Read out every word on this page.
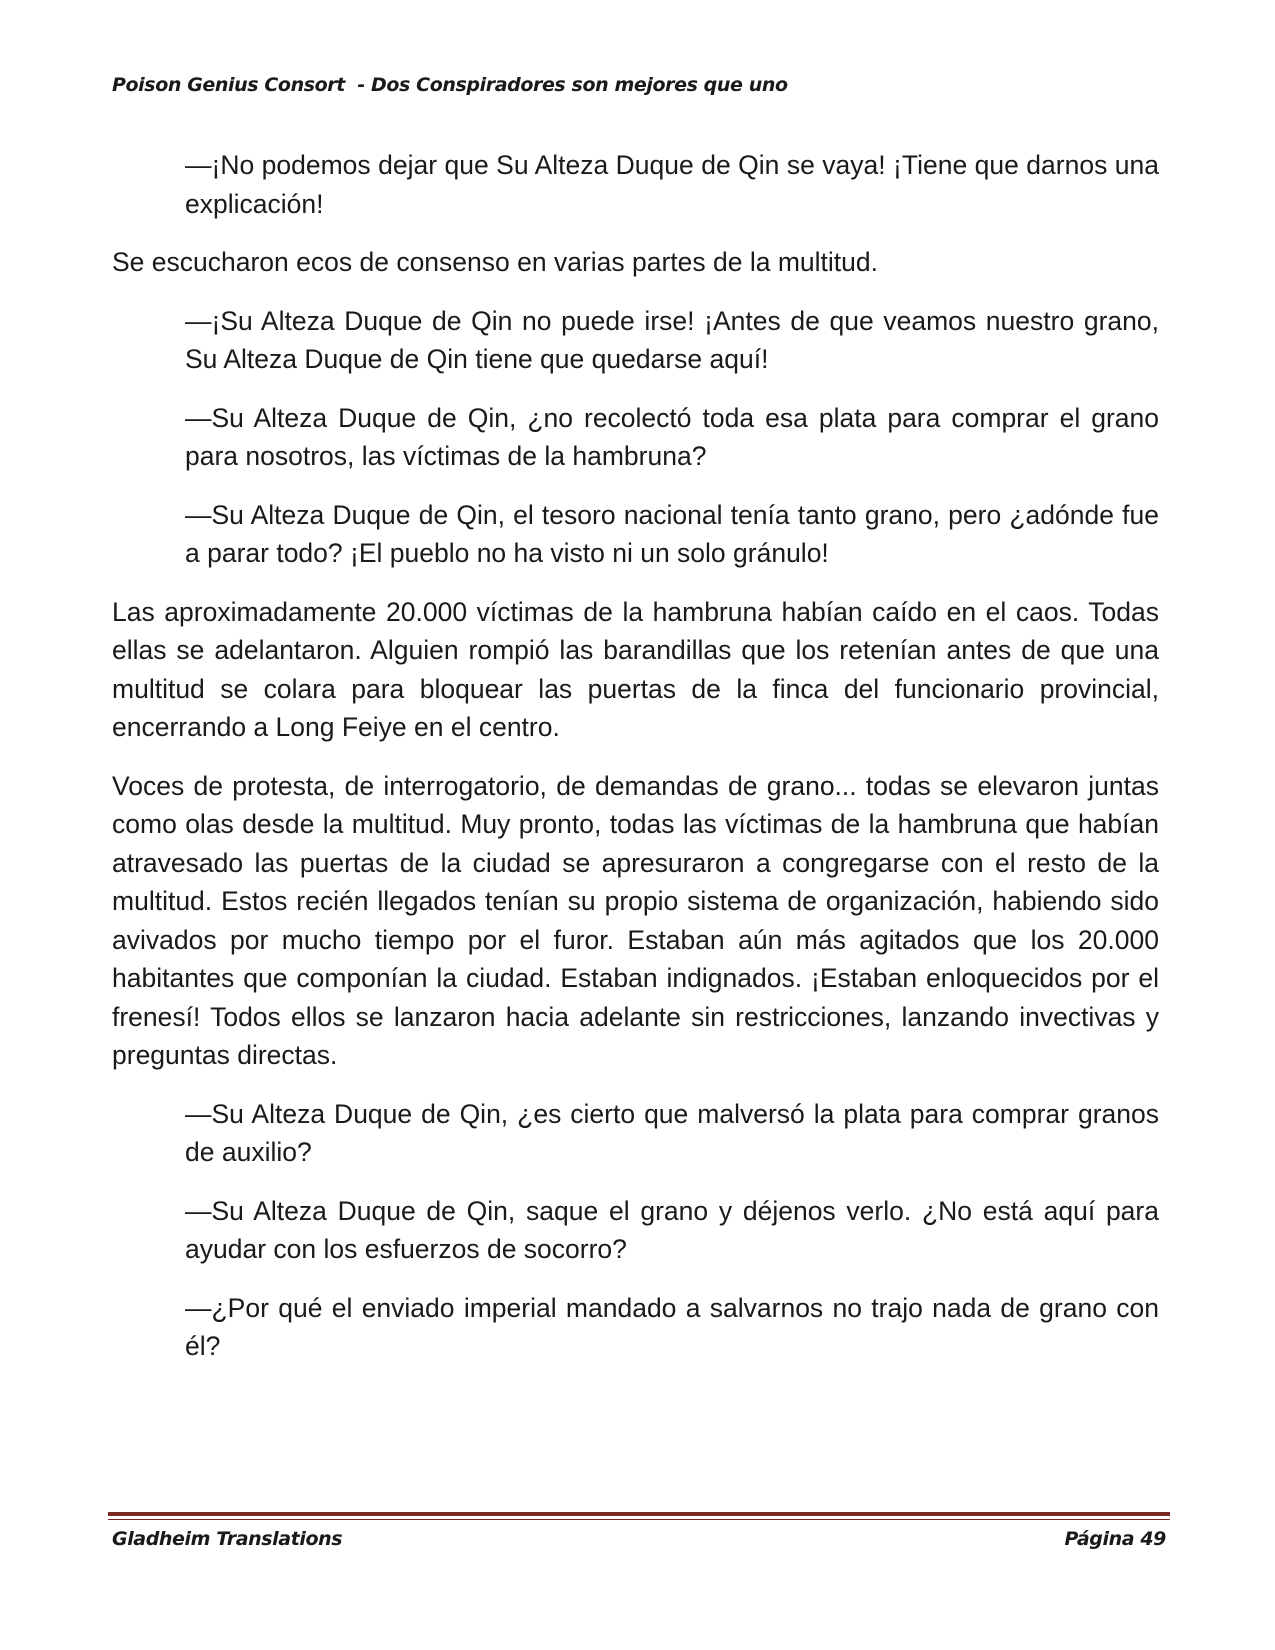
Poison Genius Consort  - Dos Conspiradores son mejores que uno

—¡No podemos dejar que Su Alteza Duque de Qin se vaya! ¡Tiene que darnos una explicación!

Se escucharon ecos de consenso en varias partes de la multitud.

—¡Su Alteza Duque de Qin no puede irse! ¡Antes de que veamos nuestro grano, Su Alteza Duque de Qin tiene que quedarse aquí!

—Su Alteza Duque de Qin, ¿no recolectó toda esa plata para comprar el grano para nosotros, las víctimas de la hambruna?

—Su Alteza Duque de Qin, el tesoro nacional tenía tanto grano, pero ¿adónde fue a parar todo? ¡El pueblo no ha visto ni un solo gránulo!

Las aproximadamente 20.000 víctimas de la hambruna habían caído en el caos. Todas ellas se adelantaron. Alguien rompió las barandillas que los retenían antes de que una multitud se colara para bloquear las puertas de la finca del funcionario provincial, encerrando a Long Feiye en el centro.

Voces de protesta, de interrogatorio, de demandas de grano... todas se elevaron juntas como olas desde la multitud. Muy pronto, todas las víctimas de la hambruna que habían atravesado las puertas de la ciudad se apresuraron a congregarse con el resto de la multitud. Estos recién llegados tenían su propio sistema de organización, habiendo sido avivados por mucho tiempo por el furor. Estaban aún más agitados que los 20.000 habitantes que componían la ciudad. Estaban indignados. ¡Estaban enloquecidos por el frenesí! Todos ellos se lanzaron hacia adelante sin restricciones, lanzando invectivas y preguntas directas.

—Su Alteza Duque de Qin, ¿es cierto que malversó la plata para comprar granos de auxilio?

—Su Alteza Duque de Qin, saque el grano y déjenos verlo. ¿No está aquí para ayudar con los esfuerzos de socorro?

—¿Por qué el enviado imperial mandado a salvarnos no trajo nada de grano con él?

Gladheim Translations	Página 49
